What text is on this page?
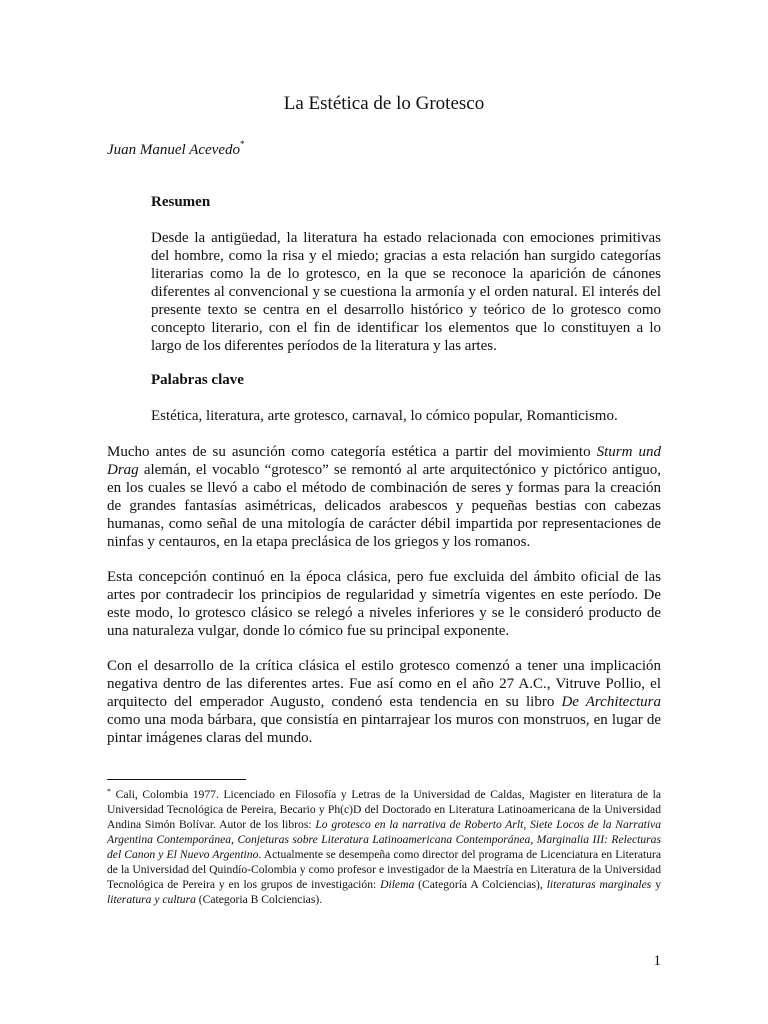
La Estética de lo Grotesco
Juan Manuel Acevedo*
Resumen
Desde la antigüedad, la literatura ha estado relacionada con emociones primitivas del hombre, como la risa y el miedo; gracias a esta relación han surgido categorías literarias como la de lo grotesco, en la que se reconoce la aparición de cánones diferentes al convencional y se cuestiona la armonía y el orden natural. El interés del presente texto se centra en el desarrollo histórico y teórico de lo grotesco como concepto literario, con el fin de identificar los elementos que lo constituyen a lo largo de los diferentes períodos de la literatura y las artes.
Palabras clave
Estética, literatura, arte grotesco, carnaval, lo cómico popular, Romanticismo.
Mucho antes de su asunción como categoría estética a partir del movimiento Sturm und Drag alemán, el vocablo “grotesco” se remontó al arte arquitectónico y pictórico antiguo, en los cuales se llevó a cabo el método de combinación de seres y formas para la creación de grandes fantasías asimétricas, delicados arabescos y pequeñas bestias con cabezas humanas, como señal de una mitología de carácter débil impartida por representaciones de ninfas y centauros, en la etapa preclásica de los griegos y los romanos.
Esta concepción continuó en la época clásica, pero fue excluida del ámbito oficial de las artes por contradecir los principios de regularidad y simetría vigentes en este período. De este modo, lo grotesco clásico se relegó a niveles inferiores y se le consideró producto de una naturaleza vulgar, donde lo cómico fue su principal exponente.
Con el desarrollo de la crítica clásica el estilo grotesco comenzó a tener una implicación negativa dentro de las diferentes artes. Fue así como en el año 27 A.C., Vitruve Pollio, el arquitecto del emperador Augusto, condenó esta tendencia en su libro De Architectura como una moda bárbara, que consistía en pintarrajear los muros con monstruos, en lugar de pintar imágenes claras del mundo.
* Cali, Colombia 1977. Licenciado en Filosofía y Letras de la Universidad de Caldas, Magister en literatura de la Universidad Tecnológica de Pereira, Becario y Ph(c)D del Doctorado en Literatura Latinoamericana de la Universidad Andina Simón Bolívar. Autor de los libros: Lo grotesco en la narrativa de Roberto Arlt, Siete Locos de la Narrativa Argentina Contemporánea, Conjeturas sobre Literatura Latinoamericana Contemporánea, Marginalia III: Relecturas del Canon y El Nuevo Argentino. Actualmente se desempeña como director del programa de Licenciatura en Literatura de la Universidad del Quindío-Colombia y como profesor e investigador de la Maestría en Literatura de la Universidad Tecnológica de Pereira y en los grupos de investigación: Dilema (Categoría A Colciencias), literaturas marginales y literatura y cultura (Categoria B Colciencias).
1
